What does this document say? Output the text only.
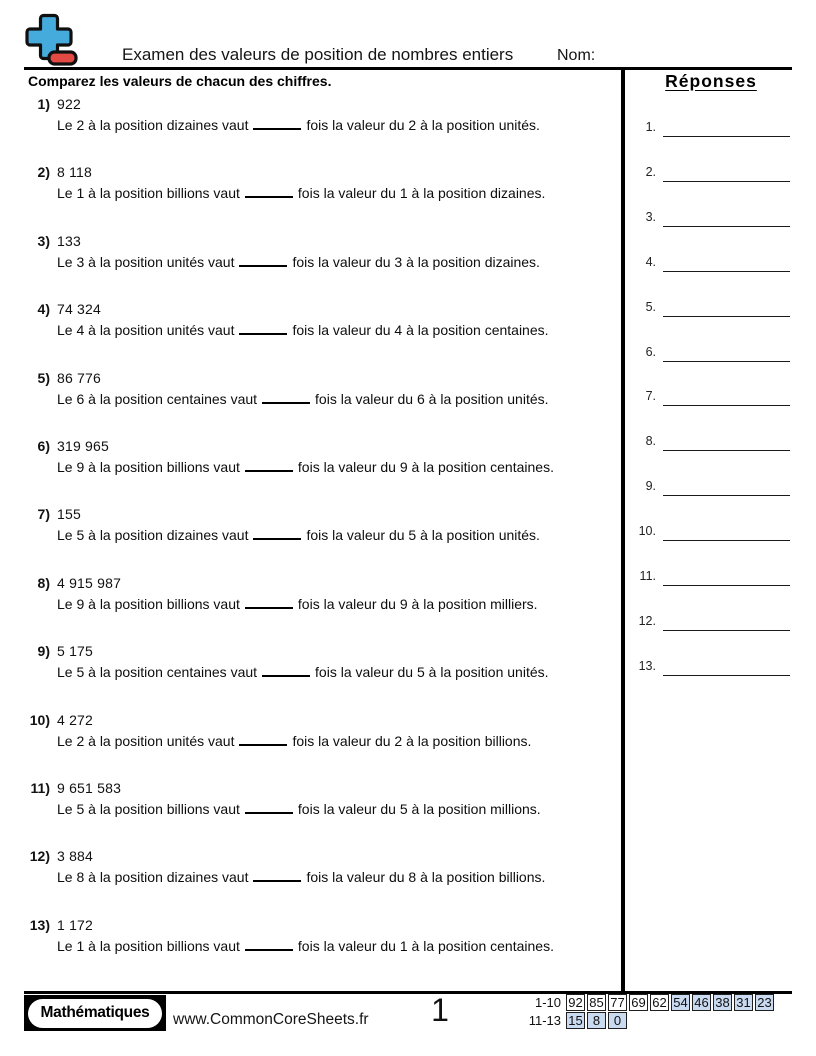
Examen des valeurs de position de nombres entiers	Nom:
Comparez les valeurs de chacun des chiffres.
1) 922
Le 2 à la position dizaines vaut	fois la valeur du 2 à la position unités.
2) 8 118
Le 1 à la position billions vaut	fois la valeur du 1 à la position dizaines.
3) 133
Le 3 à la position unités vaut	fois la valeur du 3 à la position dizaines.
4) 74 324
Le 4 à la position unités vaut	fois la valeur du 4 à la position centaines.
5) 86 776
Le 6 à la position centaines vaut	fois la valeur du 6 à la position unités.
6) 319 965
Le 9 à la position billions vaut	fois la valeur du 9 à la position centaines.
7) 155
Le 5 à la position dizaines vaut	fois la valeur du 5 à la position unités.
8) 4 915 987
Le 9 à la position billions vaut	fois la valeur du 9 à la position milliers.
9) 5 175
Le 5 à la position centaines vaut	fois la valeur du 5 à la position unités.
10) 4 272
Le 2 à la position unités vaut	fois la valeur du 2 à la position billions.
11) 9 651 583
Le 5 à la position billions vaut	fois la valeur du 5 à la position millions.
12) 3 884
Le 8 à la position dizaines vaut	fois la valeur du 8 à la position billions.
13) 1 172
Le 1 à la position billions vaut	fois la valeur du 1 à la position centaines.
Réponses
1.
2.
3.
4.
5.
6.
7.
8.
9.
10.
11.
12.
13.
Mathématiques	www.CommonCoreSheets.fr	1	1-10 92 85 77 69 62 54 46 38 31 23
11-13 15 8	0
